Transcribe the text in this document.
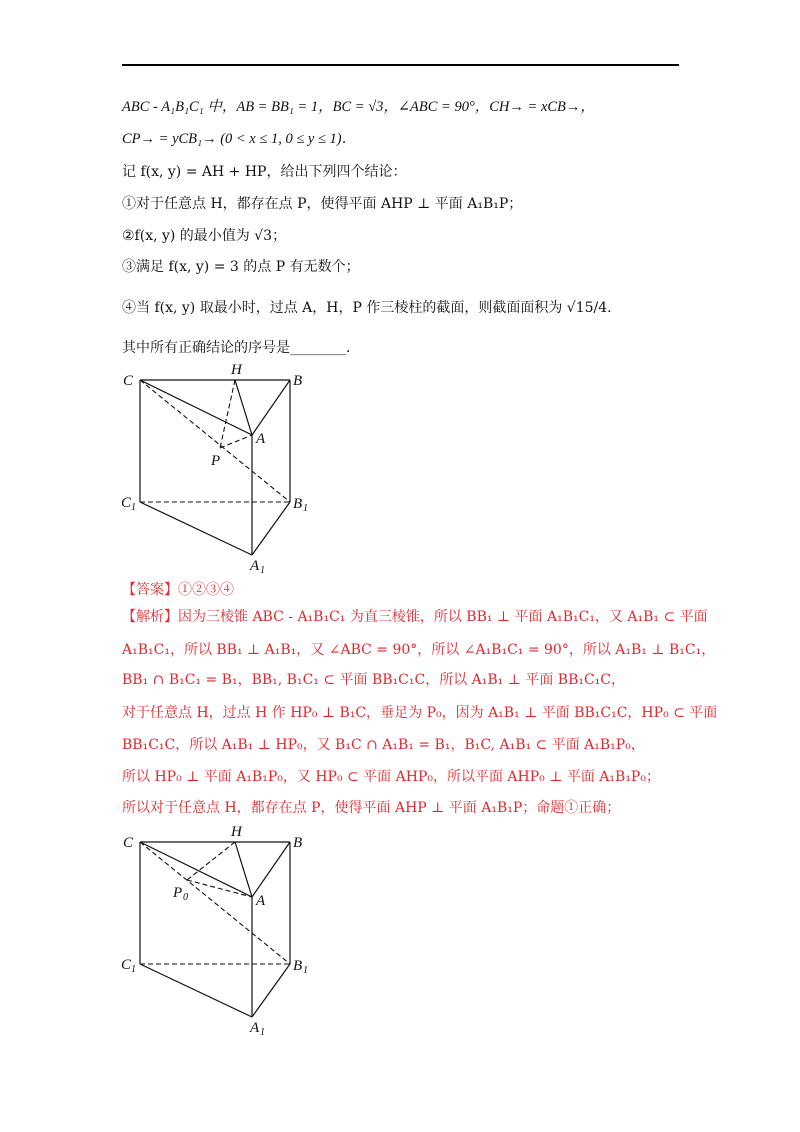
ABC - A₁B₁C₁ 中，AB = BB₁ = 1，BC = √3，∠ABC = 90°，CH→ = xCB→，
CP→ = yCB₁→ (0 < x ≤ 1, 0 ≤ y ≤ 1)．
记 f(x, y) = AH + HP，给出下列四个结论：
①对于任意点 H，都存在点 P，使得平面 AHP ⊥ 平面 A₁B₁P；
②f(x, y) 的最小值为 √3；
③满足 f(x, y) = 3 的点 P 有无数个；
④当 f(x, y) 取最小时，过点 A，H，P 作三棱柱的截面，则截面面积为 √15/4．
其中所有正确结论的序号是________．
C
H
B
A
P
C 1	B 1
A 1
【答案】①②③④
【解析】因为三棱锥 ABC - A₁B₁C₁ 为直三棱锥，所以 BB₁ ⊥ 平面 A₁B₁C₁，又 A₁B₁ ⊂ 平面
A₁B₁C₁，所以 BB₁ ⊥ A₁B₁，又 ∠ABC = 90°，所以 ∠A₁B₁C₁ = 90°，所以 A₁B₁ ⊥ B₁C₁，
BB₁ ∩ B₁C₁ = B₁，BB₁, B₁C₁ ⊂ 平面 BB₁C₁C，所以 A₁B₁ ⊥ 平面 BB₁C₁C，
对于任意点 H，过点 H 作 HP₀ ⊥ B₁C，垂足为 P₀，因为 A₁B₁ ⊥ 平面 BB₁C₁C，HP₀ ⊂ 平面
BB₁C₁C，所以 A₁B₁ ⊥ HP₀，又 B₁C ∩ A₁B₁ = B₁，B₁C, A₁B₁ ⊂ 平面 A₁B₁P₀，
所以 HP₀ ⊥ 平面 A₁B₁P₀，又 HP₀ ⊂ 平面 AHP₀，所以平面 AHP₀ ⊥ 平面 A₁B₁P₀；
所以对于任意点 H，都存在点 P，使得平面 AHP ⊥ 平面 A₁B₁P；命题①正确；
C
H
B
A
P 0
C 1	B 1
A 1
